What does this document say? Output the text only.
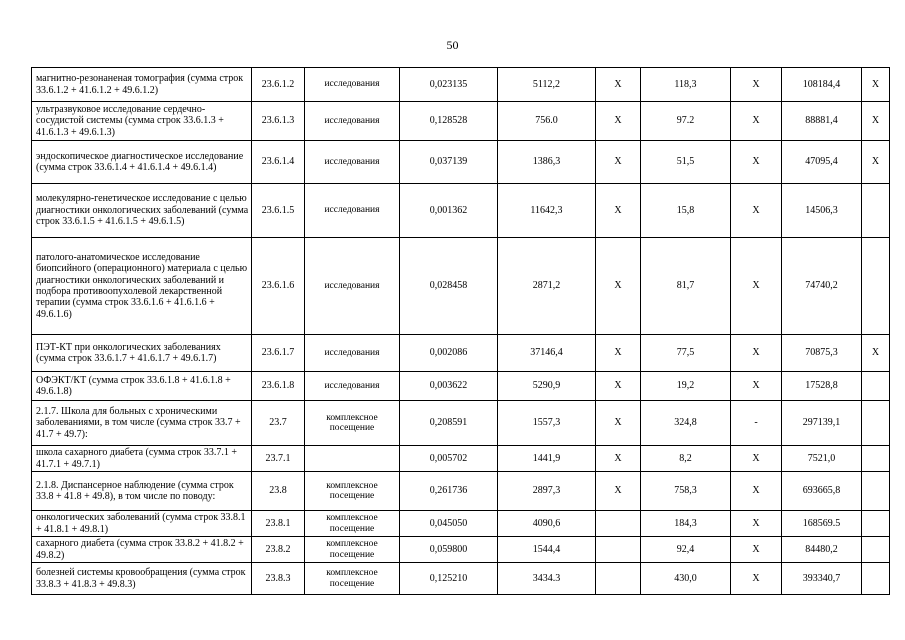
50
магнитно-резонаненая томография (сумма строк 33.6.1.2 + 41.6.1.2 + 49.6.1.2)	23.6.1.2	исследования	0,023135	5112,2	X	118,3	X	108184,4	X
ультразвуковое исследование сердечно-сосудистой системы (сумма строк 33.6.1.3 + 41.6.1.3 + 49.6.1.3)	23.6.1.3	исследования	0,128528	756.0	X	97.2	X	88881,4	X
эндоскопическое диагностическое исследование (сумма строк 33.6.1.4 + 41.6.1.4 + 49.6.1.4)	23.6.1.4	исследования	0,037139	1386,3	X	51,5	X	47095,4	X
молекулярно-генетическое исследование с целью диагностики онкологических заболеваний (сумма строк 33.6.1.5 + 41.6.1.5 + 49.6.1.5)	23.6.1.5	исследования	0,001362	11642,3	X	15,8	X	14506,3	
патолого-анатомическое исследование биопсийного (операционного) материала с целью диагностики онкологических заболеваний и подбора противоопухолевой лекарственной терапии (сумма строк 33.6.1.6 + 41.6.1.6 + 49.6.1.6)	23.6.1.6	исследования	0,028458	2871,2	X	81,7	X	74740,2	
ПЭТ-КТ при онкологических заболеваниях (сумма строк 33.6.1.7 + 41.6.1.7 + 49.6.1.7)	23.6.1.7	исследования	0,002086	37146,4	X	77,5	X	70875,3	X
ОФЭКТ/КТ (сумма строк 33.6.1.8 + 41.6.1.8 + 49.6.1.8)	23.6.1.8	исследования	0,003622	5290,9	X	19,2	X	17528,8	
2.1.7. Школа для больных с хроническими заболеваниями, в том числе (сумма строк 33.7 + 41.7 + 49.7):	23.7	комплексное посещение	0,208591	1557,3	X	324,8	-	297139,1	
школа сахарного диабета (сумма строк 33.7.1 + 41.7.1 + 49.7.1)	23.7.1		0,005702	1441,9	X	8,2	X	7521,0	
2.1.8. Диспансерное наблюдение (сумма строк 33.8 + 41.8 + 49.8), в том числе по поводу:	23.8	комплексное посещение	0,261736	2897,3	X	758,3	X	693665,8	
онкологических заболеваний (сумма строк 33.8.1 + 41.8.1 + 49.8.1)	23.8.1	комплексное посещение	0,045050	4090,6		184,3	X	168569.5	
сахарного диабета (сумма строк 33.8.2 + 41.8.2 + 49.8.2)	23.8.2	комплексное посещение	0,059800	1544,4		92,4	X	84480,2	
болезней системы кровообращения (сумма строк 33.8.3 + 41.8.3 + 49.8.3)	23.8.3	комплексное посещение	0,125210	3434.3		430,0	X	393340,7	
